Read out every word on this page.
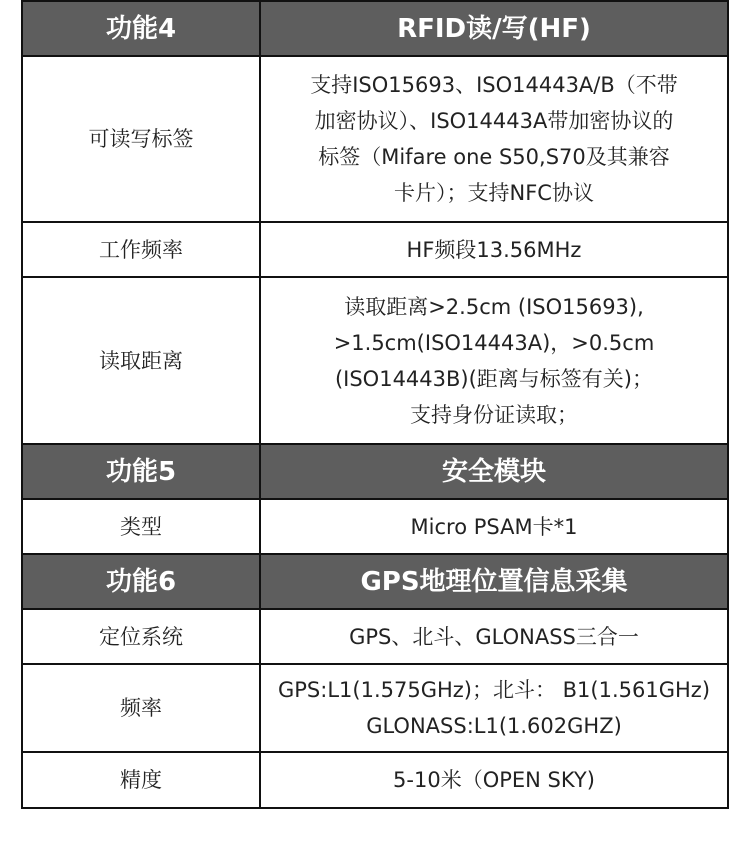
功能4	RFID读/写(HF)
可读写标签	支持ISO15693、ISO14443A/B（不带
加密协议）、ISO14443A带加密协议的
标签（Mifare one S50,S70及其兼容
卡片）；支持NFC协议

工作频率	HF频段13.56MHz

读取距离	读取距离>2.5cm (ISO15693),
>1.5cm(ISO14443A)，>0.5cm
(ISO14443B)(距离与标签有关)；
支持身份证读取；

功能5	安全模块
类型	Micro PSAM卡*1

功能6	GPS地理位置信息采集
定位系统	GPS、北斗、GLONASS三合一

频率	GPS:L1(1.575GHz)；北斗： B1(1.561GHz)
GLONASS:L1(1.602GHZ)

精度	5-10米（OPEN SKY)
